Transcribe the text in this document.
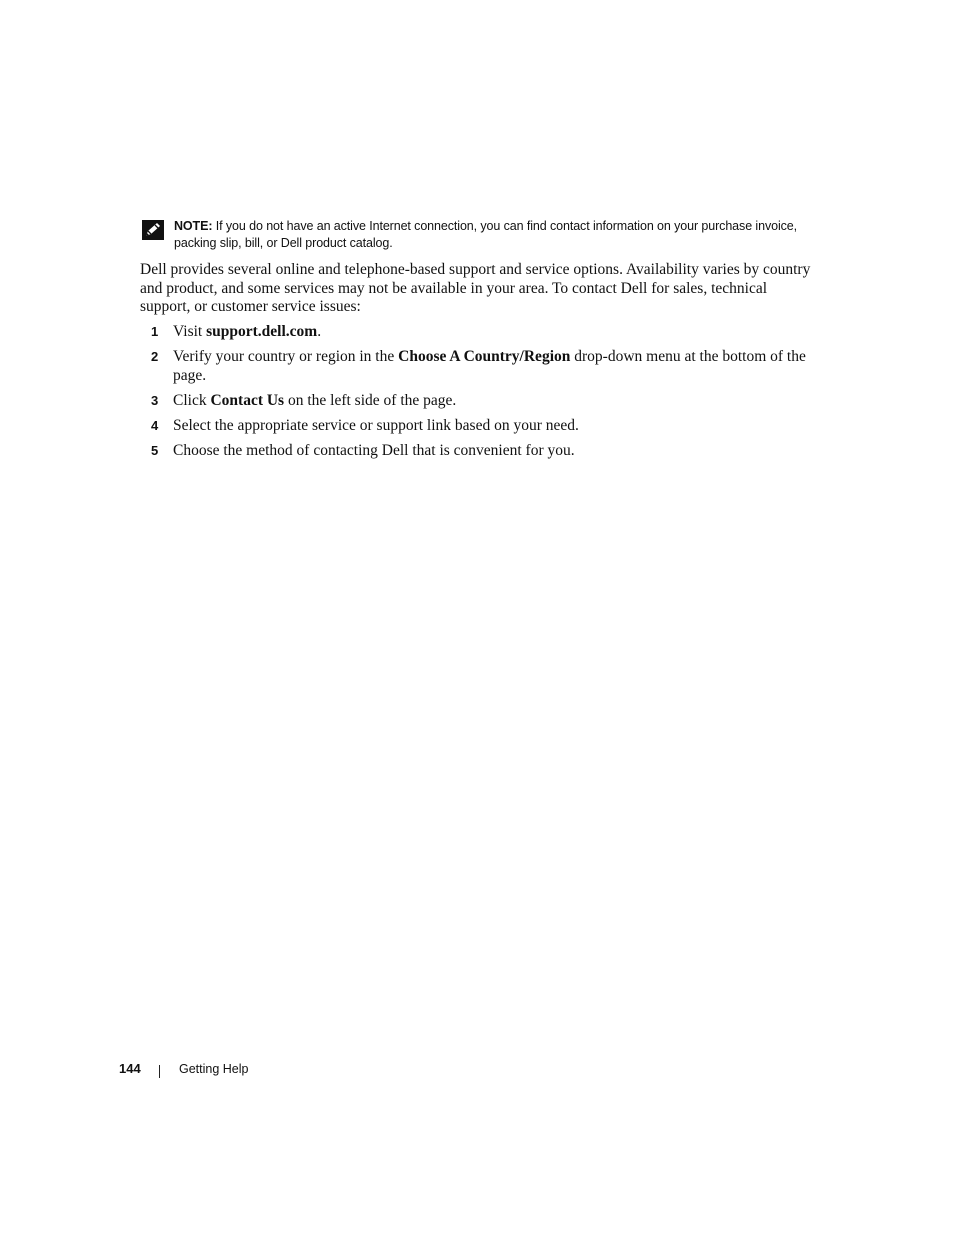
NOTE: If you do not have an active Internet connection, you can find contact information on your purchase invoice, packing slip, bill, or Dell product catalog.
Dell provides several online and telephone-based support and service options. Availability varies by country and product, and some services may not be available in your area. To contact Dell for sales, technical support, or customer service issues:
1 Visit support.dell.com.
2 Verify your country or region in the Choose A Country/Region drop-down menu at the bottom of the page.
3 Click Contact Us on the left side of the page.
4 Select the appropriate service or support link based on your need.
5 Choose the method of contacting Dell that is convenient for you.
144	Getting Help
